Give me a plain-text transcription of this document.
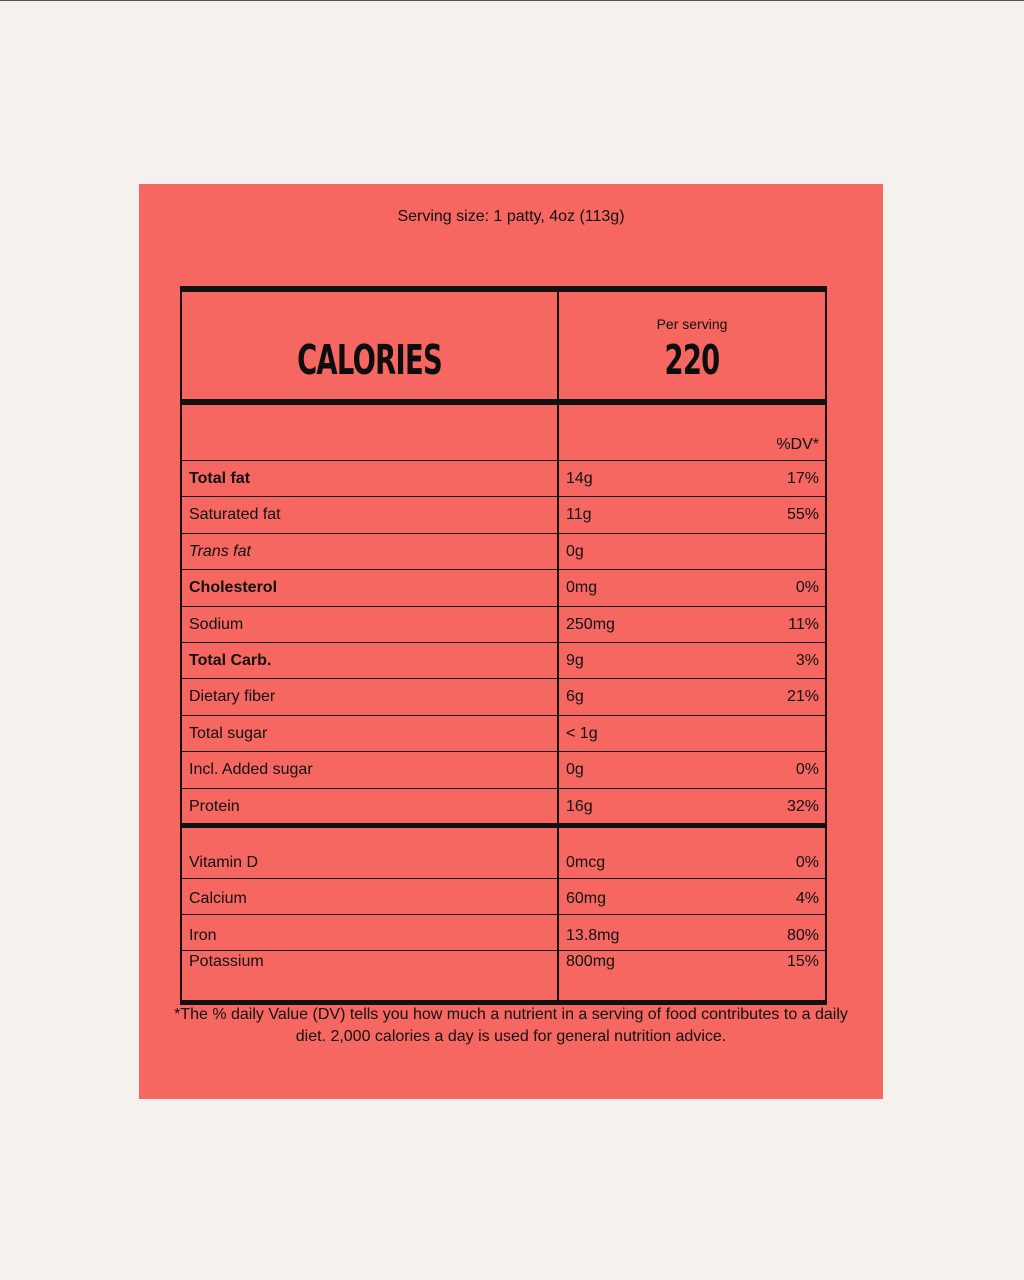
Serving size: 1 patty, 4oz (113g)
CALORIES
Per serving
220
%DV*
Total fat	14g	17%
Saturated fat	11g	55%
Trans fat	0g
Cholesterol	0mg	0%
Sodium	250mg	11%
Total Carb.	9g	3%
Dietary fiber	6g	21%
Total sugar	< 1g
Incl. Added sugar	0g	0%
Protein	16g	32%
Vitamin D	0mcg	0%
Calcium	60mg	4%
Iron	13.8mg	80%
Potassium	800mg	15%
*The % daily Value (DV) tells you how much a nutrient in a serving of food contributes to a daily diet. 2,000 calories a day is used for general nutrition advice.
